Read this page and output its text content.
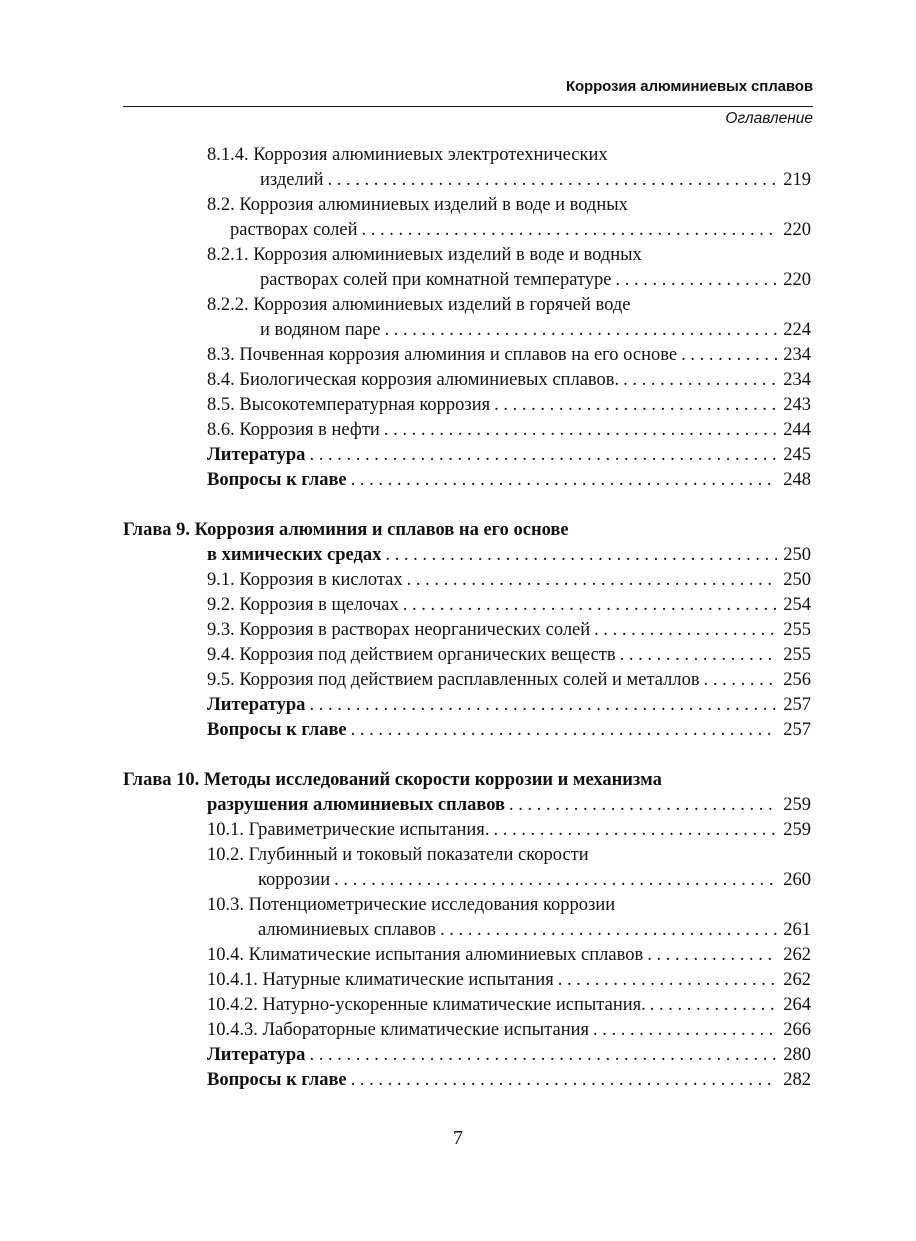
Коррозия алюминиевых сплавов
Оглавление
8.1.4. Коррозия алюминиевых электротехнических
изделий . . .	219
8.2. Коррозия алюминиевых изделий в воде и водных
растворах солей . . .	220
8.2.1. Коррозия алюминиевых изделий в воде и водных
растворах солей при комнатной температуре . . .	220
8.2.2. Коррозия алюминиевых изделий в горячей воде
и водяном паре . . .	224
8.3. Почвенная коррозия алюминия и сплавов на его основе . . .	234
8.4. Биологическая коррозия алюминиевых сплавов. . . .	234
8.5. Высокотемпературная коррозия . . .	243
8.6. Коррозия в нефти . . .	244
Литература . . .	245
Вопросы к главе . . .	248
Глава 9. Коррозия алюминия и сплавов на его основе
в химических средах . . .	250
9.1. Коррозия в кислотах . . .	250
9.2. Коррозия в щелочах . . .	254
9.3. Коррозия в растворах неорганических солей . . .	255
9.4. Коррозия под действием органических веществ . . .	255
9.5. Коррозия под действием расплавленных солей и металлов . . .	256
Литература . . .	257
Вопросы к главе . . .	257
Глава 10. Методы исследований скорости коррозии и механизма
разрушения алюминиевых сплавов . . .	259
10.1. Гравиметрические испытания. . . .	259
10.2. Глубинный и токовый показатели скорости
коррозии . . .	260
10.3. Потенциометрические исследования коррозии
алюминиевых сплавов . . .	261
10.4. Климатические испытания алюминиевых сплавов . . .	262
10.4.1. Натурные климатические испытания . . .	262
10.4.2. Натурно-ускоренные климатические испытания. . . .	264
10.4.3. Лабораторные климатические испытания . . .	266
Литература . . .	280
Вопросы к главе . . .	282
7
